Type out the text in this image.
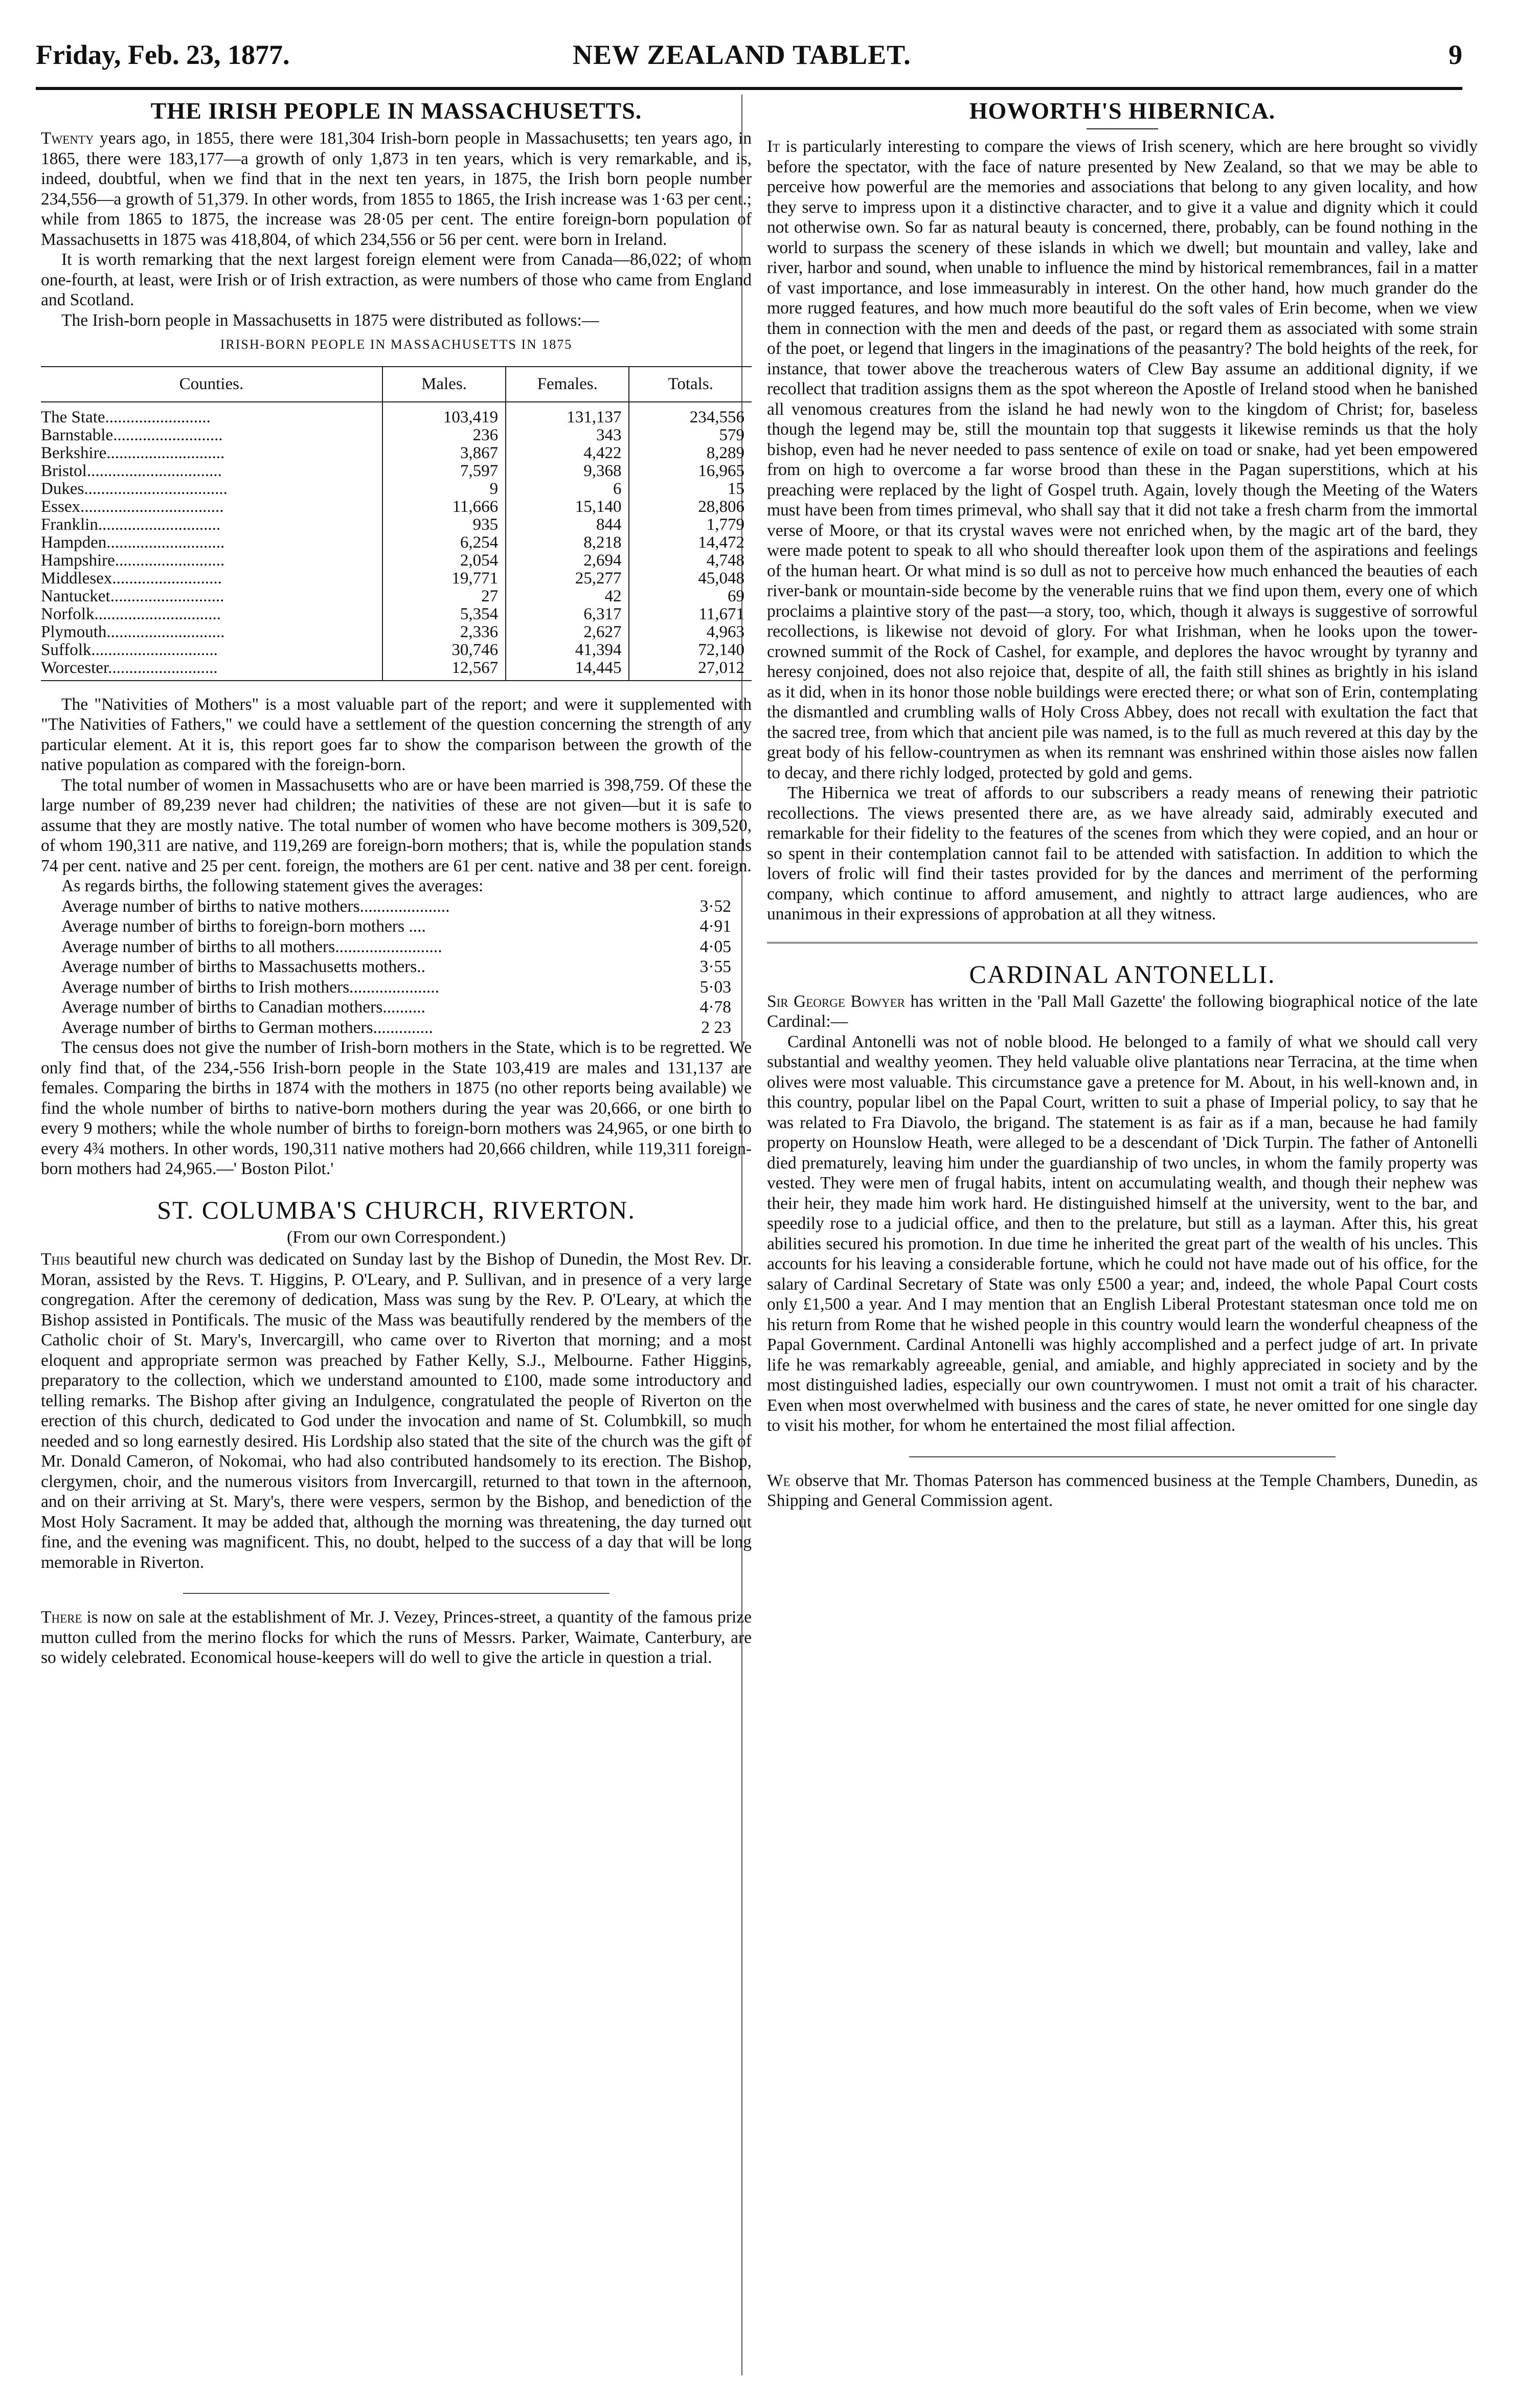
Friday, Feb. 23, 1877.	NEW ZEALAND TABLET.	9
THE IRISH PEOPLE IN MASSACHUSETTS.

Twenty years ago, in 1855, there were 181,304 Irish-born people in Massachusetts; ten years ago, in 1865, there were 183,177—a growth of only 1,873 in ten years, which is very remarkable, and is, indeed, doubtful, when we find that in the next ten years, in 1875, the Irish born people number 234,556—a growth of 51,379. In other words, from 1855 to 1865, the Irish increase was 1·63 per cent.; while from 1865 to 1875, the increase was 28·05 per cent. The entire foreign-born population of Massachusetts in 1875 was 418,804, of which 234,556 or 56 per cent. were born in Ireland.

It is worth remarking that the next largest foreign element were from Canada—86,022; of whom one-fourth, at least, were Irish or of Irish extraction, as were numbers of those who came from England and Scotland.

The Irish-born people in Massachusetts in 1875 were distributed as follows:—

IRISH-BORN PEOPLE IN MASSACHUSETTS IN 1875
Counties.	Males.	Females.	Totals.
The State.........................	103,419	131,137	234,556
Barnstable..........................	236	343	579
Berkshire............................	3,867	4,422	8,289
Bristol................................	7,597	9,368	16,965
Dukes..................................	9	6	15
Essex..................................	11,666	15,140	28,806
Franklin.............................	935	844	1,779
Hampden............................	6,254	8,218	14,472
Hampshire..........................	2,054	2,694	4,748
Middlesex..........................	19,771	25,277	45,048
Nantucket...........................	27	42	69
Norfolk..............................	5,354	6,317	11,671
Plymouth............................	2,336	2,627	4,963
Suffolk..............................	30,746	41,394	72,140
Worcester..........................	12,567	14,445	27,012

The "Nativities of Mothers" is a most valuable part of the report; and were it supplemented with "The Nativities of Fathers," we could have a settlement of the question concerning the strength of any particular element. At it is, this report goes far to show the comparison between the growth of the native population as compared with the foreign-born.

The total number of women in Massachusetts who are or have been married is 398,759. Of these the large number of 89,239 never had children; the nativities of these are not given—but it is safe to assume that they are mostly native. The total number of women who have become mothers is 309,520, of whom 190,311 are native, and 119,269 are foreign-born mothers; that is, while the population stands 74 per cent. native and 25 per cent. foreign, the mothers are 61 per cent. native and 38 per cent. foreign.

As regards births, the following statement gives the averages:

Average number of births to native mothers.....................	3·52
Average number of births to foreign-born mothers ....	4·91
Average number of births to all mothers.........................	4·05
Average number of births to Massachusetts mothers..	3·55
Average number of births to Irish mothers.....................	5·03
Average number of births to Canadian mothers..........	4·78
Average number of births to German mothers..............	2 23

The census does not give the number of Irish-born mothers in the State, which is to be regretted. We only find that, of the 234,-556 Irish-born people in the State 103,419 are males and 131,137 are females. Comparing the births in 1874 with the mothers in 1875 (no other reports being available) we find the whole number of births to native-born mothers during the year was 20,666, or one birth to every 9 mothers; while the whole number of births to foreign-born mothers was 24,965, or one birth to every 4¾ mothers. In other words, 190,311 native mothers had 20,666 children, while 119,311 foreign-born mothers had 24,965.—' Boston Pilot.'

ST. COLUMBA'S CHURCH, RIVERTON.

(From our own Correspondent.)

This beautiful new church was dedicated on Sunday last by the Bishop of Dunedin, the Most Rev. Dr. Moran, assisted by the Revs. T. Higgins, P. O'Leary, and P. Sullivan, and in presence of a very large congregation. After the ceremony of dedication, Mass was sung by the Rev. P. O'Leary, at which the Bishop assisted in Pontificals. The music of the Mass was beautifully rendered by the members of the Catholic choir of St. Mary's, Invercargill, who came over to Riverton that morning; and a most eloquent and appropriate sermon was preached by Father Kelly, S.J., Melbourne. Father Higgins, preparatory to the collection, which we understand amounted to £100, made some introductory and telling remarks. The Bishop after giving an Indulgence, congratulated the people of Riverton on the erection of this church, dedicated to God under the invocation and name of St. Columbkill, so much needed and so long earnestly desired. His Lordship also stated that the site of the church was the gift of Mr. Donald Cameron, of Nokomai, who had also contributed handsomely to its erection. The Bishop, clergymen, choir, and the numerous visitors from Invercargill, returned to that town in the afternoon, and on their arriving at St. Mary's, there were vespers, sermon by the Bishop, and benediction of the Most Holy Sacrament. It may be added that, although the morning was threatening, the day turned out fine, and the evening was magnificent. This, no doubt, helped to the success of a day that will be long memorable in Riverton.

There is now on sale at the establishment of Mr. J. Vezey, Princes-street, a quantity of the famous prize mutton culled from the merino flocks for which the runs of Messrs. Parker, Waimate, Canterbury, are so widely celebrated. Economical house-keepers will do well to give the article in question a trial.

HOWORTH'S HIBERNICA.

It is particularly interesting to compare the views of Irish scenery, which are here brought so vividly before the spectator, with the face of nature presented by New Zealand, so that we may be able to perceive how powerful are the memories and associations that belong to any given locality, and how they serve to impress upon it a distinctive character, and to give it a value and dignity which it could not otherwise own. So far as natural beauty is concerned, there, probably, can be found nothing in the world to surpass the scenery of these islands in which we dwell; but mountain and valley, lake and river, harbor and sound, when unable to influence the mind by historical remembrances, fail in a matter of vast importance, and lose immeasurably in interest. On the other hand, how much grander do the more rugged features, and how much more beautiful do the soft vales of Erin become, when we view them in connection with the men and deeds of the past, or regard them as associated with some strain of the poet, or legend that lingers in the imaginations of the peasantry? The bold heights of the reek, for instance, that tower above the treacherous waters of Clew Bay assume an additional dignity, if we recollect that tradition assigns them as the spot whereon the Apostle of Ireland stood when he banished all venomous creatures from the island he had newly won to the kingdom of Christ; for, baseless though the legend may be, still the mountain top that suggests it likewise reminds us that the holy bishop, even had he never needed to pass sentence of exile on toad or snake, had yet been empowered from on high to overcome a far worse brood than these in the Pagan superstitions, which at his preaching were replaced by the light of Gospel truth. Again, lovely though the Meeting of the Waters must have been from times primeval, who shall say that it did not take a fresh charm from the immortal verse of Moore, or that its crystal waves were not enriched when, by the magic art of the bard, they were made potent to speak to all who should thereafter look upon them of the aspirations and feelings of the human heart. Or what mind is so dull as not to perceive how much enhanced the beauties of each river-bank or mountain-side become by the venerable ruins that we find upon them, every one of which proclaims a plaintive story of the past—a story, too, which, though it always is suggestive of sorrowful recollections, is likewise not devoid of glory. For what Irishman, when he looks upon the tower-crowned summit of the Rock of Cashel, for example, and deplores the havoc wrought by tyranny and heresy conjoined, does not also rejoice that, despite of all, the faith still shines as brightly in his island as it did, when in its honor those noble buildings were erected there; or what son of Erin, contemplating the dismantled and crumbling walls of Holy Cross Abbey, does not recall with exultation the fact that the sacred tree, from which that ancient pile was named, is to the full as much revered at this day by the great body of his fellow-countrymen as when its remnant was enshrined within those aisles now fallen to decay, and there richly lodged, protected by gold and gems.

The Hibernica we treat of affords to our subscribers a ready means of renewing their patriotic recollections. The views presented there are, as we have already said, admirably executed and remarkable for their fidelity to the features of the scenes from which they were copied, and an hour or so spent in their contemplation cannot fail to be attended with satisfaction. In addition to which the lovers of frolic will find their tastes provided for by the dances and merriment of the performing company, which continue to afford amusement, and nightly to attract large audiences, who are unanimous in their expressions of approbation at all they witness.

CARDINAL ANTONELLI.

Sir George Bowyer has written in the 'Pall Mall Gazette' the following biographical notice of the late Cardinal:—

Cardinal Antonelli was not of noble blood. He belonged to a family of what we should call very substantial and wealthy yeomen. They held valuable olive plantations near Terracina, at the time when olives were most valuable. This circumstance gave a pretence for M. About, in his well-known and, in this country, popular libel on the Papal Court, written to suit a phase of Imperial policy, to say that he was related to Fra Diavolo, the brigand. The statement is as fair as if a man, because he had family property on Hounslow Heath, were alleged to be a descendant of 'Dick Turpin. The father of Antonelli died prematurely, leaving him under the guardianship of two uncles, in whom the family property was vested. They were men of frugal habits, intent on accumulating wealth, and though their nephew was their heir, they made him work hard. He distinguished himself at the university, went to the bar, and speedily rose to a judicial office, and then to the prelature, but still as a layman. After this, his great abilities secured his promotion. In due time he inherited the great part of the wealth of his uncles. This accounts for his leaving a considerable fortune, which he could not have made out of his office, for the salary of Cardinal Secretary of State was only £500 a year; and, indeed, the whole Papal Court costs only £1,500 a year. And I may mention that an English Liberal Protestant statesman once told me on his return from Rome that he wished people in this country would learn the wonderful cheapness of the Papal Government. Cardinal Antonelli was highly accomplished and a perfect judge of art. In private life he was remarkably agreeable, genial, and amiable, and highly appreciated in society and by the most distinguished ladies, especially our own countrywomen. I must not omit a trait of his character. Even when most overwhelmed with business and the cares of state, he never omitted for one single day to visit his mother, for whom he entertained the most filial affection.

We observe that Mr. Thomas Paterson has commenced business at the Temple Chambers, Dunedin, as Shipping and General Commission agent.
